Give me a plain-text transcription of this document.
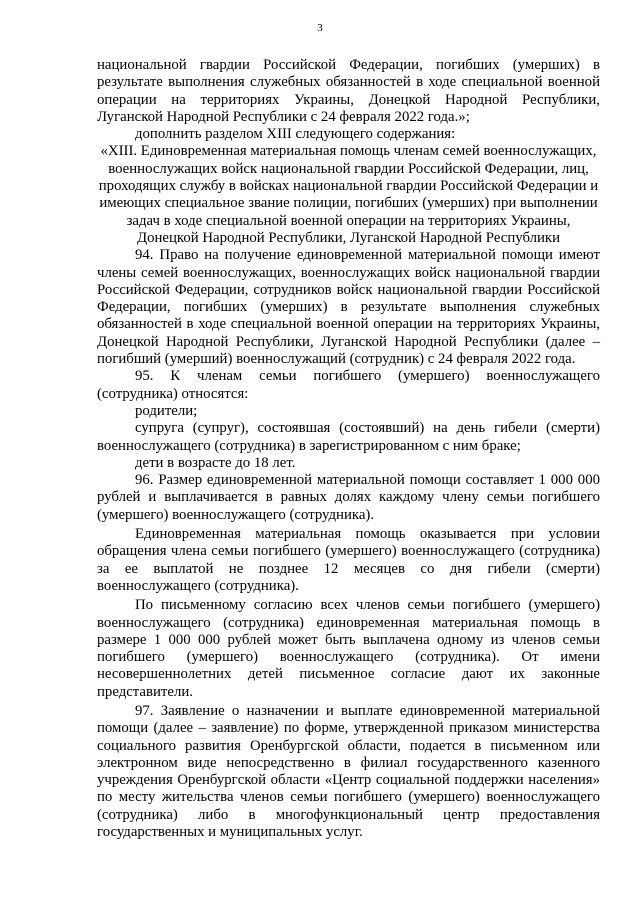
3

национальной гвардии Российской Федерации, погибших (умерших) в результате выполнения служебных обязанностей в ходе специальной военной операции на территориях Украины, Донецкой Народной Республики, Луганской Народной Республики с 24 февраля 2022 года.»;

дополнить разделом XIII следующего содержания:

«XIII. Единовременная материальная помощь членам семей военнослужащих, военнослужащих войск национальной гвардии Российской Федерации, лиц, проходящих службу в войсках национальной гвардии Российской Федерации и имеющих специальное звание полиции, погибших (умерших) при выполнении задач в ходе специальной военной операции на территориях Украины, Донецкой Народной Республики, Луганской Народной Республики

94. Право на получение единовременной материальной помощи имеют члены семей военнослужащих, военнослужащих войск национальной гвардии Российской Федерации, сотрудников войск национальной гвардии Российской Федерации, погибших (умерших) в результате выполнения служебных обязанностей в ходе специальной военной операции на территориях Украины, Донецкой Народной Республики, Луганской Народной Республики (далее – погибший (умерший) военнослужащий (сотрудник) с 24 февраля 2022 года.

95. К членам семьи погибшего (умершего) военнослужащего (сотрудника) относятся:

родители;

супруга (супруг), состоявшая (состоявший) на день гибели (смерти) военнослужащего (сотрудника) в зарегистрированном с ним браке;

дети в возрасте до 18 лет.

96. Размер единовременной материальной помощи составляет 1 000 000 рублей и выплачивается в равных долях каждому члену семьи погибшего (умершего) военнослужащего (сотрудника).

Единовременная материальная помощь оказывается при условии обращения члена семьи погибшего (умершего) военнослужащего (сотрудника) за ее выплатой не позднее 12 месяцев со дня гибели (смерти) военнослужащего (сотрудника).

По письменному согласию всех членов семьи погибшего (умершего) военнослужащего (сотрудника) единовременная материальная помощь в размере 1 000 000 рублей может быть выплачена одному из членов семьи погибшего (умершего) военнослужащего (сотрудника). От имени несовершеннолетних детей письменное согласие дают их законные представители.

97. Заявление о назначении и выплате единовременной материальной помощи (далее – заявление) по форме, утвержденной приказом министерства социального развития Оренбургской области, подается в письменном или электронном виде непосредственно в филиал государственного казенного учреждения Оренбургской области «Центр социальной поддержки населения» по месту жительства членов семьи погибшего (умершего) военнослужащего (сотрудника) либо в многофункциональный центр предоставления государственных и муниципальных услуг.
